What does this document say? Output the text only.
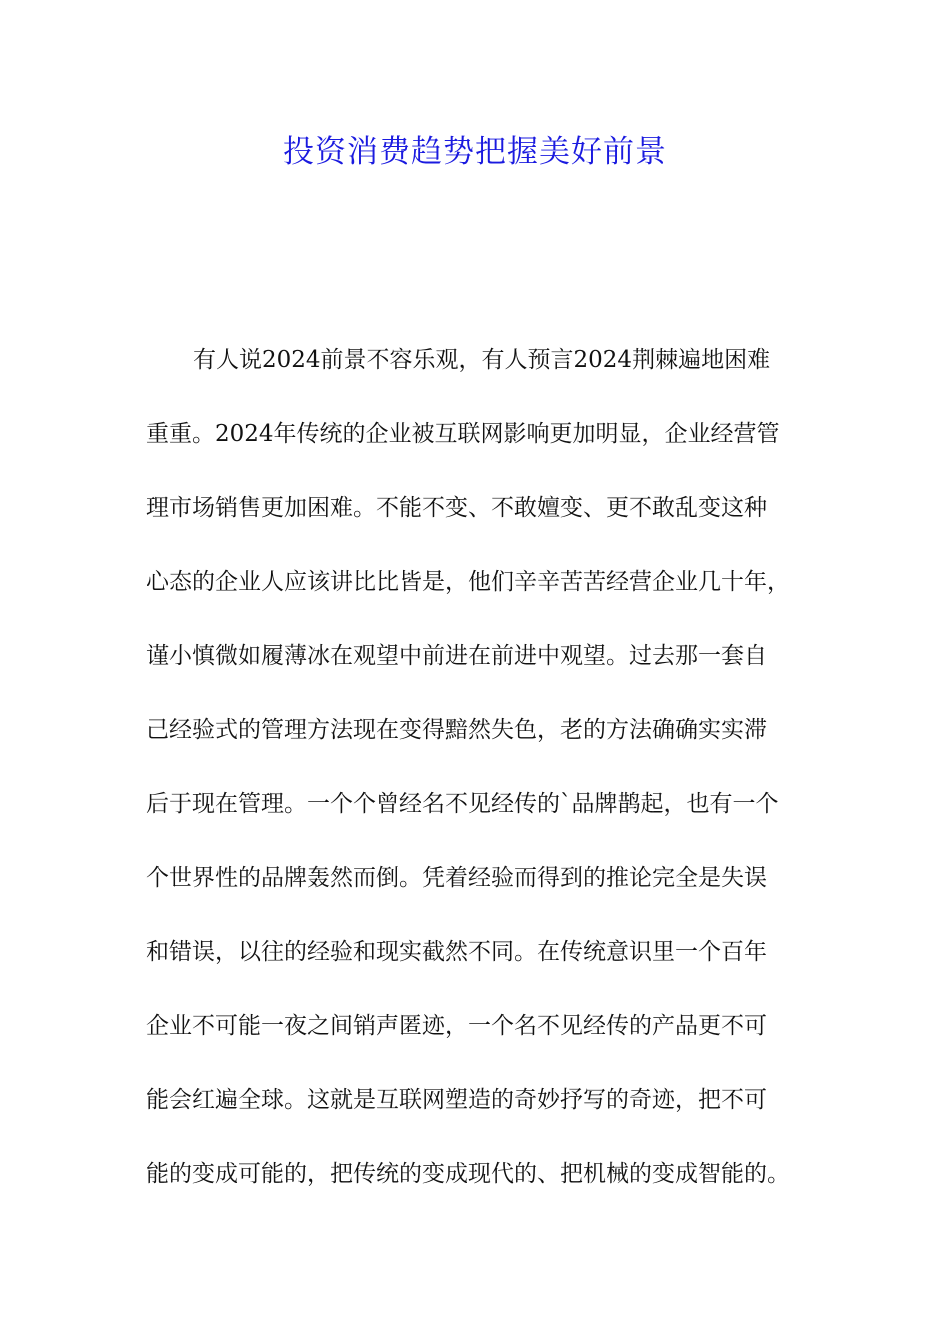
投资消费趋势把握美好前景
有人说2024前景不容乐观，有人预言2024荆棘遍地困难
重重。2024年传统的企业被互联网影响更加明显，企业经营管
理市场销售更加困难。不能不变、不敢嬗变、更不敢乱变这种
心态的企业人应该讲比比皆是，他们辛辛苦苦经营企业几十年，
谨小慎微如履薄冰在观望中前进在前进中观望。过去那一套自
己经验式的管理方法现在变得黯然失色，老的方法确确实实滞
后于现在管理。一个个曾经名不见经传的`品牌鹊起，也有一个
个世界性的品牌轰然而倒。凭着经验而得到的推论完全是失误
和错误，以往的经验和现实截然不同。在传统意识里一个百年
企业不可能一夜之间销声匿迹，一个名不见经传的产品更不可
能会红遍全球。这就是互联网塑造的奇妙抒写的奇迹，把不可
能的变成可能的，把传统的变成现代的、把机械的变成智能的。
